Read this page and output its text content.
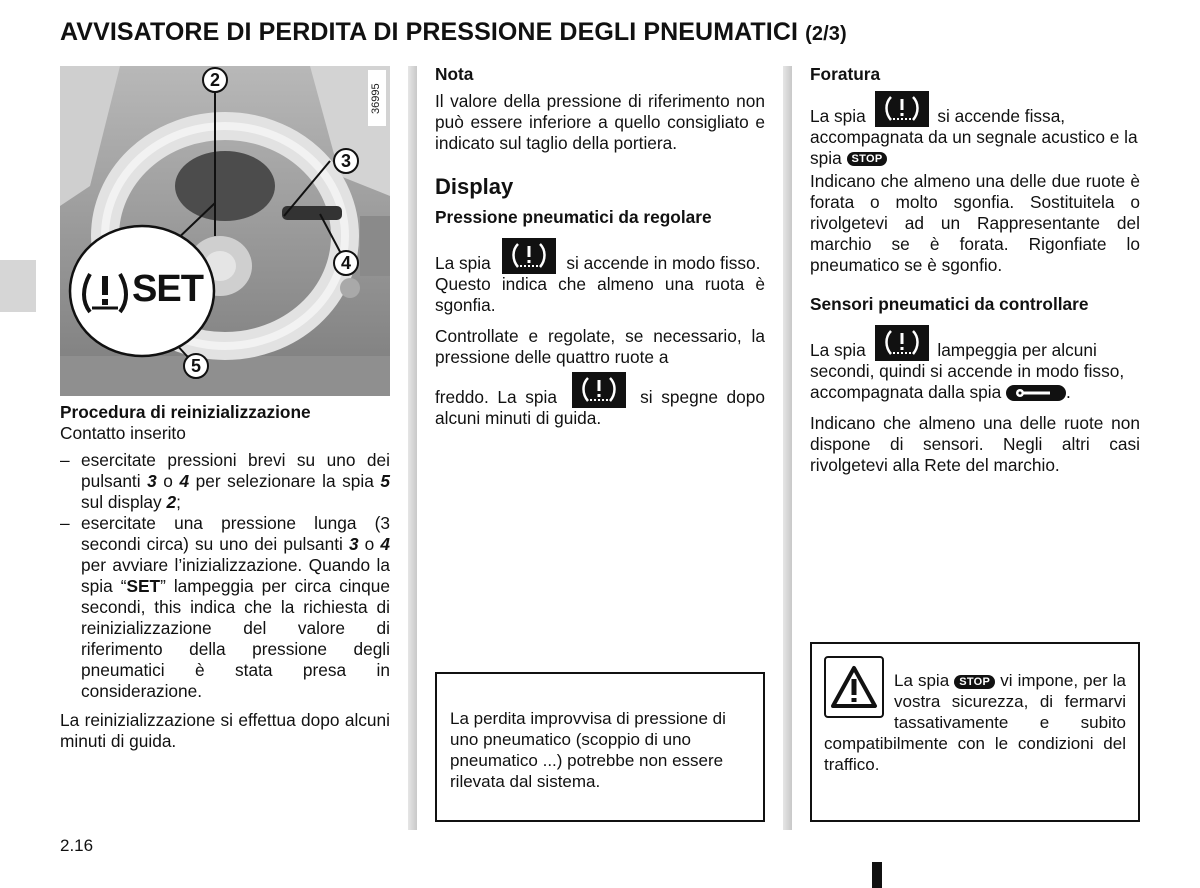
AVVISATORE DI PERDITA DI PRESSIONE DEGLI PNEUMATICI (2/3)
36995
2
3
4
5
SET
Procedura di reinizializzazione

Contatto inserito

– esercitate pressioni brevi su uno dei pulsanti 3 o 4 per selezionare la spia 5 sul display 2;
– esercitate una pressione lunga (3 secondi circa) su uno dei pulsanti 3 o 4 per avviare l’inizializzazione. Quando la spia “SET” lampeggia per circa cinque secondi, this indica che la richiesta di reinizializzazione del valore di riferimento della pressione degli pneumatici è stata presa in considerazione.

La reinizializzazione si effettua dopo alcuni minuti di guida.

Nota

Il valore della pressione di riferimento non può essere inferiore a quello consigliato e indicato sul taglio della portiera.

Display
Pressione pneumatici da regolare

La spia	si accende in modo fisso.

Questo indica che almeno una ruota è sgonfia.

Controllate e regolate, se necessario, la pressione delle quattro ruote a

freddo. La spia	si spegne dopo alcuni minuti di guida.

La perdita improvvisa di pressione di uno pneumatico (scoppio di uno pneumatico ...) potrebbe non essere rilevata dal sistema.

Foratura

La spia	si accende fissa, accompagnata da un segnale acustico e la spia STOP

Indicano che almeno una delle due ruote è forata o molto sgonfia. Sostituitela o rivolgetevi ad un Rappresentante del marchio se è forata. Rigonfiate lo pneumatico se è sgonfio.

Sensori pneumatici da controllare

La spia	lampeggia per alcuni secondi, quindi si accende in modo fisso, accompagnata dalla spia	.

Indicano che almeno una delle ruote non dispone di sensori. Negli altri casi rivolgetevi alla Rete del marchio.

La spia STOP vi impone, per la vostra sicurezza, di fermarvi tassativamente e subito compatibilmente con le condizioni del traffico.

2.16
